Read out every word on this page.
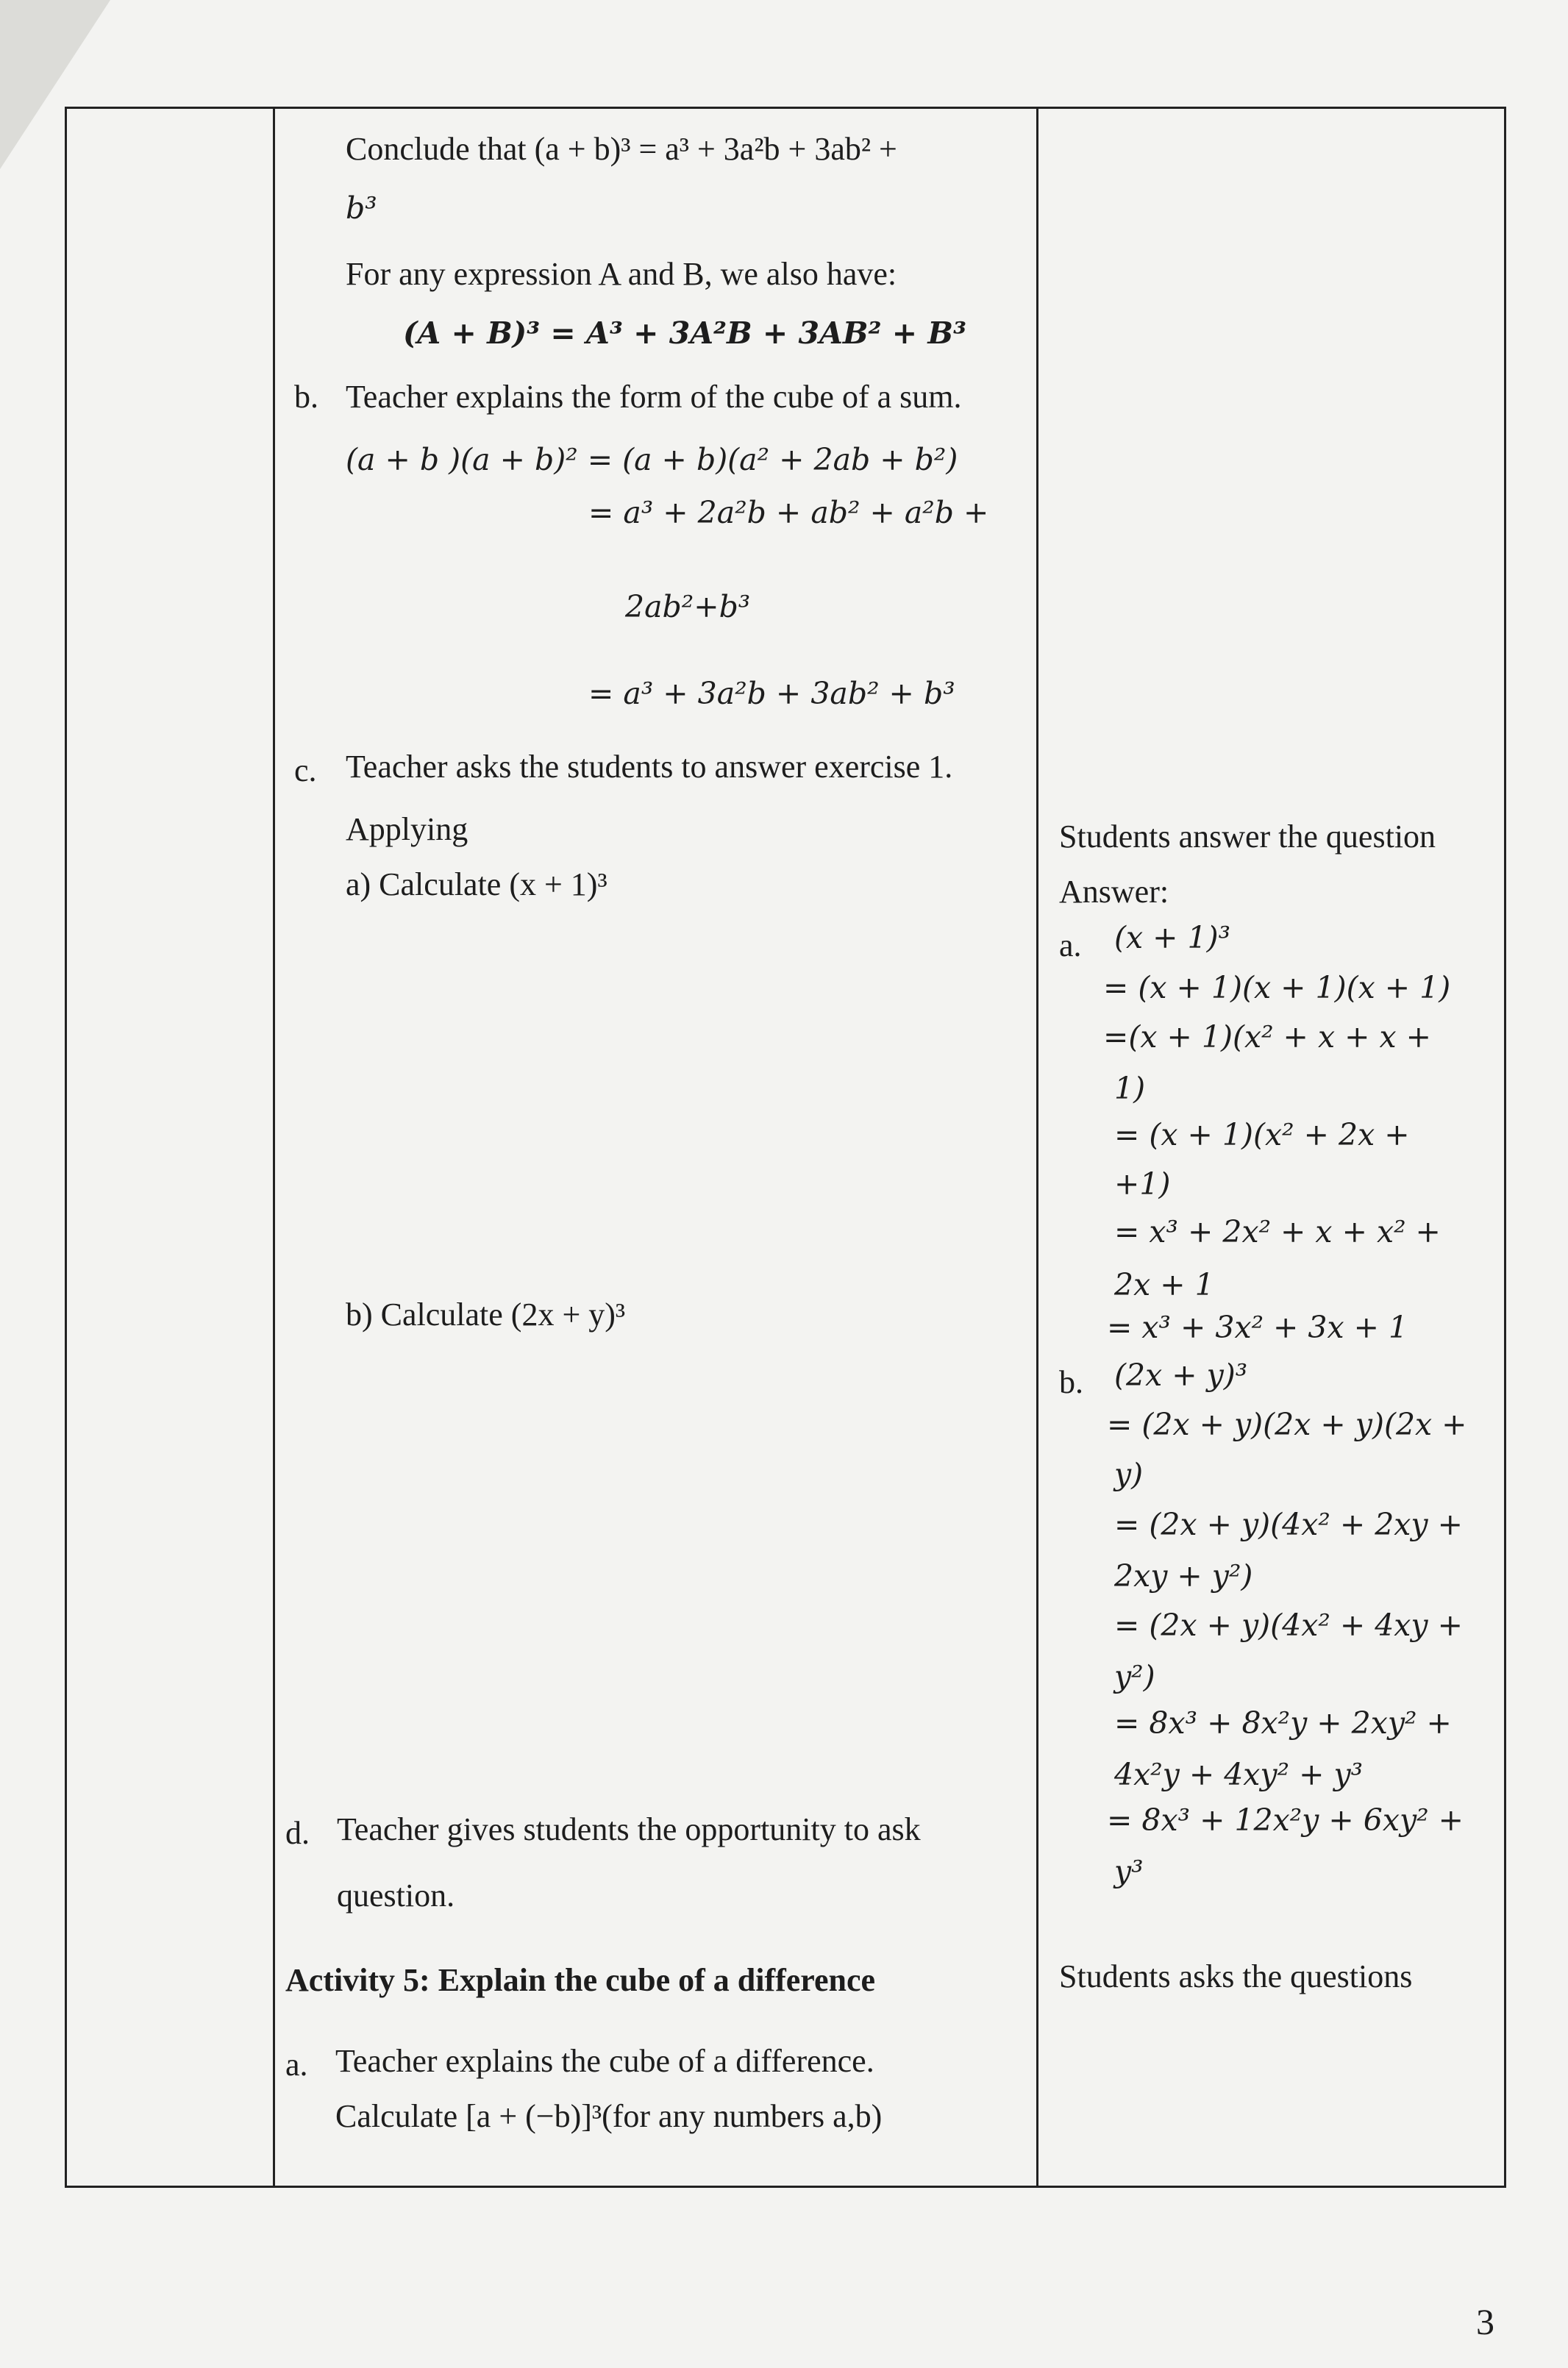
Conclude that (a + b)³ = a³ + 3a²b + 3ab² +
b³
For any expression A and B, we also have:
(A + B)³ = A³ + 3A²B + 3AB² + B³
b. Teacher explains the form of the cube of a sum.
(a + b )(a + b)² = (a + b)(a² + 2ab + b²)
= a³ + 2a²b + ab² + a²b +
2ab²+b³
= a³ + 3a²b + 3ab² + b³
c. Teacher asks the students to answer exercise 1.
Applying
a) Calculate (x + 1)³
b) Calculate (2x + y)³
d. Teacher gives students the opportunity to ask
question.
Activity 5: Explain the cube of a difference
a. Teacher explains the cube of a difference.
Calculate [a + (−b)]³(for any numbers a,b)
Students answer the question
Answer:
a. (x + 1)³
= (x + 1)(x + 1)(x + 1)
=(x + 1)(x² + x + x +
1)
= (x + 1)(x² + 2x +
+1)
= x³ + 2x² + x + x² +
2x + 1
= x³ + 3x² + 3x + 1
b. (2x + y)³
= (2x + y)(2x + y)(2x +
y)
= (2x + y)(4x² + 2xy +
2xy + y²)
= (2x + y)(4x² + 4xy +
y²)
= 8x³ + 8x²y + 2xy² +
4x²y + 4xy² + y³
= 8x³ + 12x²y + 6xy² +
y³
Students asks the questions
3
